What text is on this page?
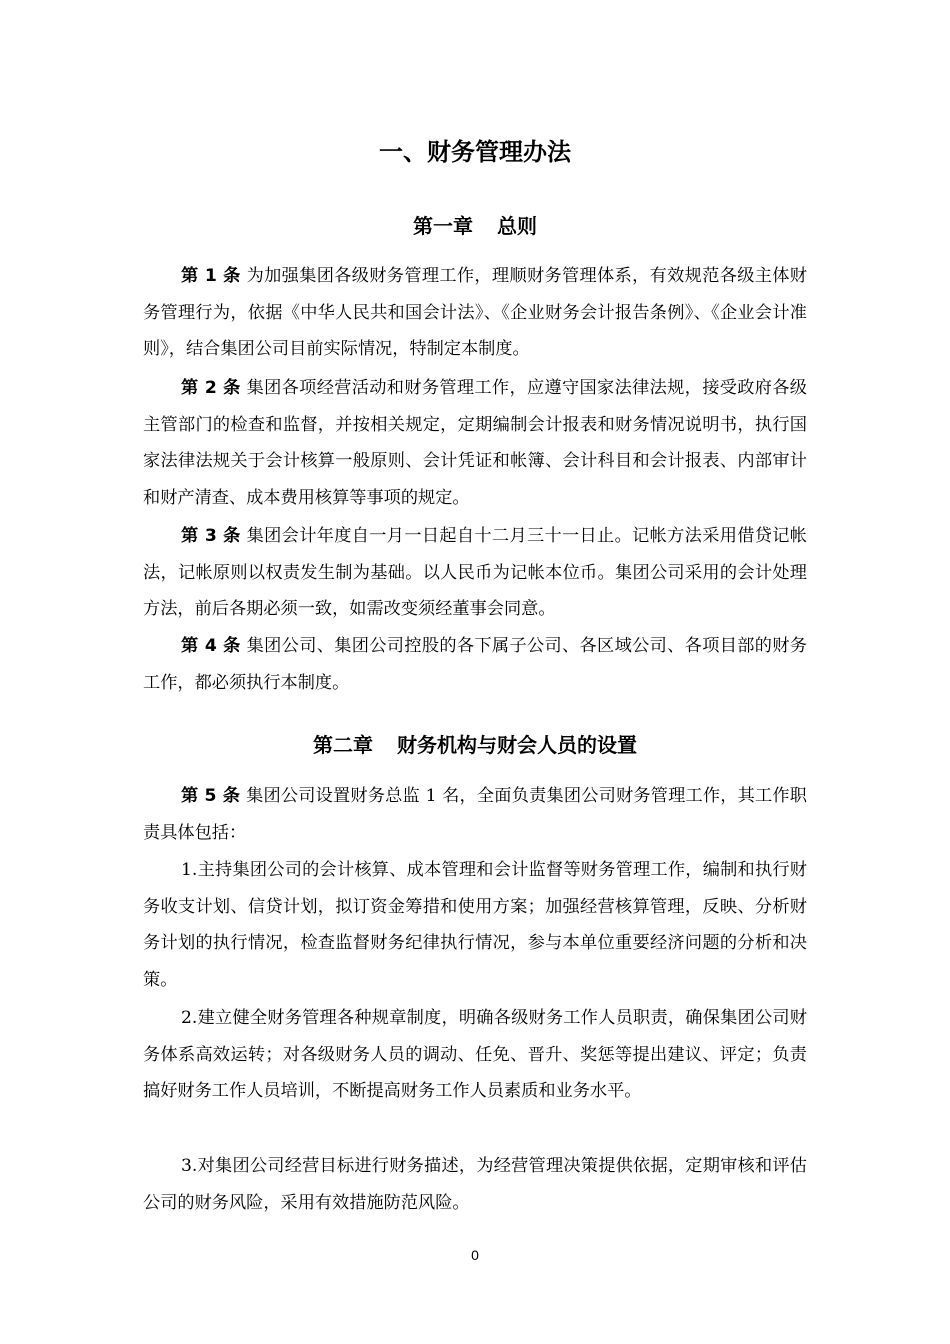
一、财务管理办法
第一章 总则

第 1 条 为加强集团各级财务管理工作，理顺财务管理体系，有效规范各级主体财务管理行为，依据《中华人民共和国会计法》、《企业财务会计报告条例》、《企业会计准则》，结合集团公司目前实际情况，特制定本制度。

第 2 条 集团各项经营活动和财务管理工作，应遵守国家法律法规，接受政府各级主管部门的检查和监督，并按相关规定，定期编制会计报表和财务情况说明书，执行国家法律法规关于会计核算一般原则、会计凭证和帐簿、会计科目和会计报表、内部审计和财产清查、成本费用核算等事项的规定。

第 3 条 集团会计年度自一月一日起自十二月三十一日止。记帐方法采用借贷记帐法，记帐原则以权责发生制为基础。以人民币为记帐本位币。集团公司采用的会计处理方法，前后各期必须一致，如需改变须经董事会同意。

第 4 条 集团公司、集团公司控股的各下属子公司、各区域公司、各项目部的财务工作，都必须执行本制度。

第二章 财务机构与财会人员的设置

第 5 条 集团公司设置财务总监 1 名，全面负责集团公司财务管理工作，其工作职责具体包括：

1.主持集团公司的会计核算、成本管理和会计监督等财务管理工作，编制和执行财务收支计划、信贷计划，拟订资金筹措和使用方案；加强经营核算管理，反映、分析财务计划的执行情况，检查监督财务纪律执行情况，参与本单位重要经济问题的分析和决策。

2.建立健全财务管理各种规章制度，明确各级财务工作人员职责，确保集团公司财务体系高效运转；对各级财务人员的调动、任免、晋升、奖惩等提出建议、评定；负责搞好财务工作人员培训，不断提高财务工作人员素质和业务水平。

3.对集团公司经营目标进行财务描述，为经营管理决策提供依据，定期审核和评估公司的财务风险，采用有效措施防范风险。

0
